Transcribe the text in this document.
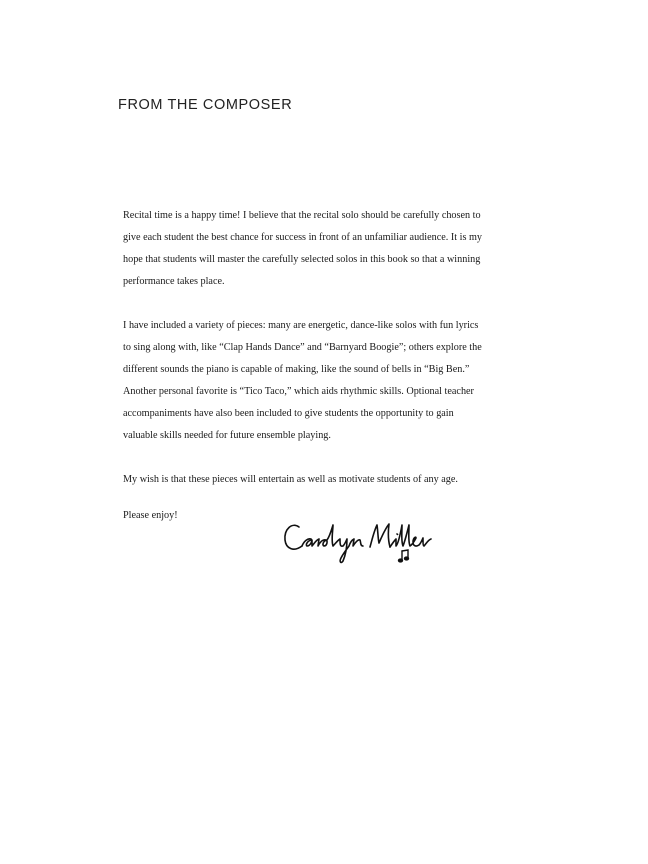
FROM THE COMPOSER

Recital time is a happy time! I believe that the recital solo should be carefully chosen to
give each student the best chance for success in front of an unfamiliar audience. It is my
hope that students will master the carefully selected solos in this book so that a winning
performance takes place.

I have included a variety of pieces: many are energetic, dance-like solos with fun lyrics
to sing along with, like “Clap Hands Dance” and “Barnyard Boogie”; others explore the
different sounds the piano is capable of making, like the sound of bells in “Big Ben.”
Another personal favorite is “Tico Taco,” which aids rhythmic skills. Optional teacher
accompaniments have also been included to give students the opportunity to gain
valuable skills needed for future ensemble playing.

My wish is that these pieces will entertain as well as motivate students of any age.

Please enjoy!
